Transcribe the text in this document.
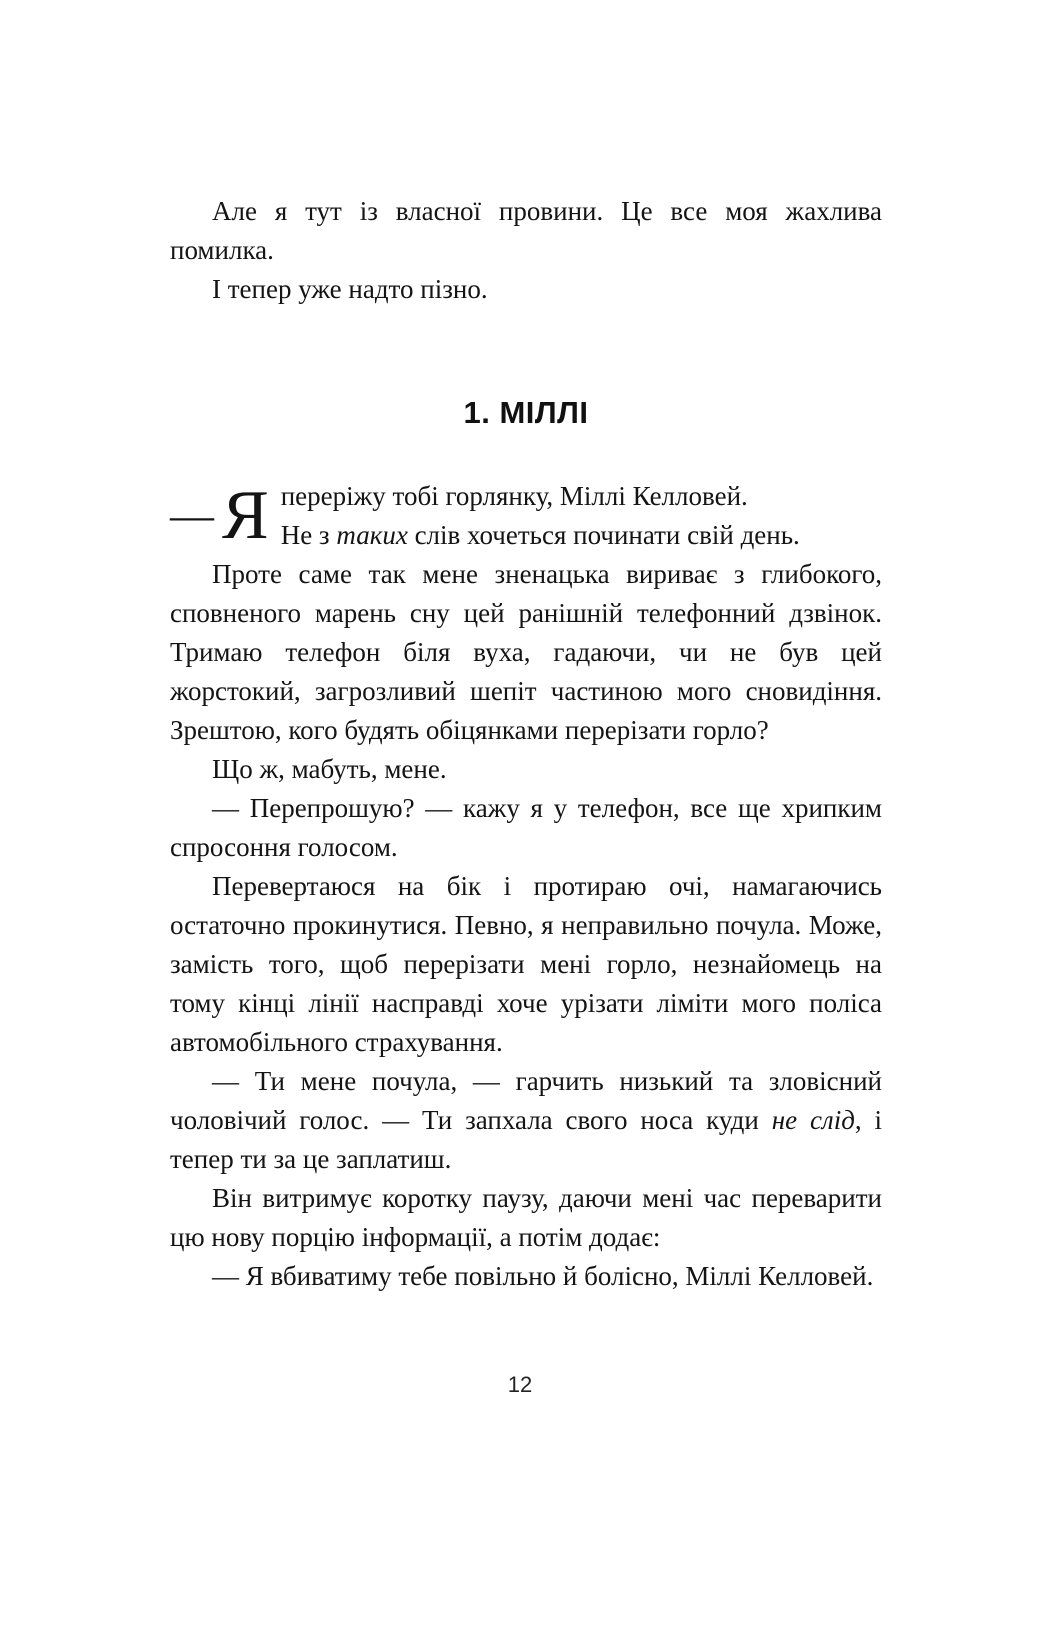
Але я тут із власної провини. Це все моя жахлива помилка.

І тепер уже надто пізно.

1. МІЛЛІ
— Я переріжу тобі горлянку, Міллі Келловей.

Не з таких слів хочеться починати свій день.

Проте саме так мене зненацька вириває з глибокого, сповненого марень сну цей ранішній телефонний дзвінок. Тримаю телефон біля вуха, гадаючи, чи не був цей жорстокий, загрозливий шепіт частиною мого сновидіння. Зрештою, кого будять обіцянками перерізати горло?

Що ж, мабуть, мене.

— Перепрошую? — кажу я у телефон, все ще хрипким спросоння голосом.

Перевертаюся на бік і протираю очі, намагаючись остаточно прокинутися. Певно, я неправильно почула. Може, замість того, щоб перерізати мені горло, незнайомець на тому кінці лінії насправді хоче урізати ліміти мого поліса автомобільного страхування.

— Ти мене почула, — гарчить низький та зловісний чоловічий голос. — Ти запхала свого носа куди не слід, і тепер ти за це заплатиш.

Він витримує коротку паузу, даючи мені час переварити цю нову порцію інформації, а потім додає:

— Я вбиватиму тебе повільно й болісно, Міллі Келловей.

12
